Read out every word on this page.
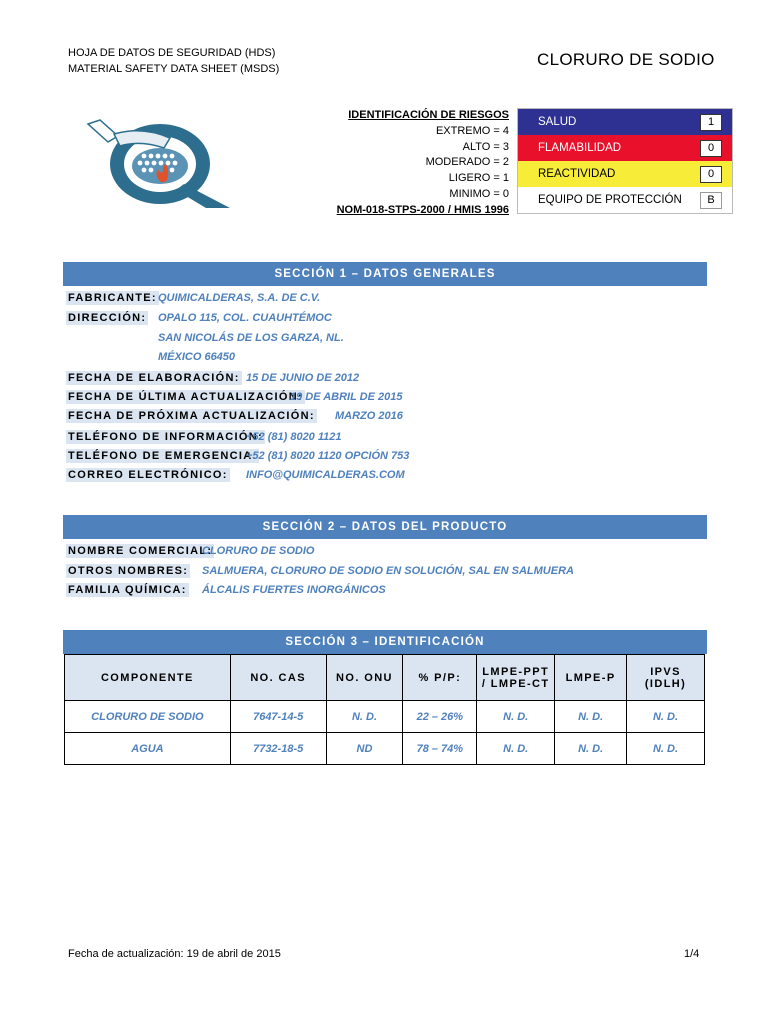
HOJA DE DATOS DE SEGURIDAD (HDS)
MATERIAL SAFETY DATA SHEET (MSDS)	CLORURO DE SODIO
IDENTIFICACIÓN DE RIESGOS
EXTREMO = 4
ALTO = 3
MODERADO = 2
LIGERO = 1
MINIMO = 0
NOM-018-STPS-2000 / HMIS 1996
SALUD	1
FLAMABILIDAD	0
REACTIVIDAD	0
EQUIPO DE PROTECCIÓN	B
SECCIÓN 1 – DATOS GENERALES
FABRICANTE: QUIMICALDERAS, S.A. DE C.V.
DIRECCIÓN: OPALO 115, COL. CUAUHTÉMOC
SAN NICOLÁS DE LOS GARZA, NL.
MÉXICO 66450
FECHA DE ELABORACIÓN: 15 DE JUNIO DE 2012
FECHA DE ÚLTIMA ACTUALIZACIÓN:
19 DE ABRIL DE 2015
FECHA DE PRÓXIMA ACTUALIZACIÓN: MARZO 2016
TELÉFONO DE INFORMACIÓN:
+52 (81) 8020 1121
TELÉFONO DE EMERGENCIA:
+52 (81) 8020 1120 OPCIÓN 753
CORREO ELECTRÓNICO: INFO@QUIMICALDERAS.COM
SECCIÓN 2 – DATOS DEL PRODUCTO
NOMBRE COMERCIAL:
CLORURO DE SODIO
OTROS NOMBRES: SALMUERA, CLORURO DE SODIO EN SOLUCIÓN, SAL EN SALMUERA
FAMILIA QUÍMICA: ÁLCALIS FUERTES INORGÁNICOS
SECCIÓN 3 – IDENTIFICACIÓN
COMPONENTE	NO. CAS	NO. ONU	% P/P:	LMPE-PPT / LMPE-CT	LMPE-P	IPVS (IDLH)
CLORURO DE SODIO	7647-14-5	N. D.	22 – 26%	N. D.	N. D.	N. D.
AGUA	7732-18-5	ND	78 – 74%	N. D.	N. D.	N. D.
Fecha de actualización: 19 de abril de 2015	1/4
